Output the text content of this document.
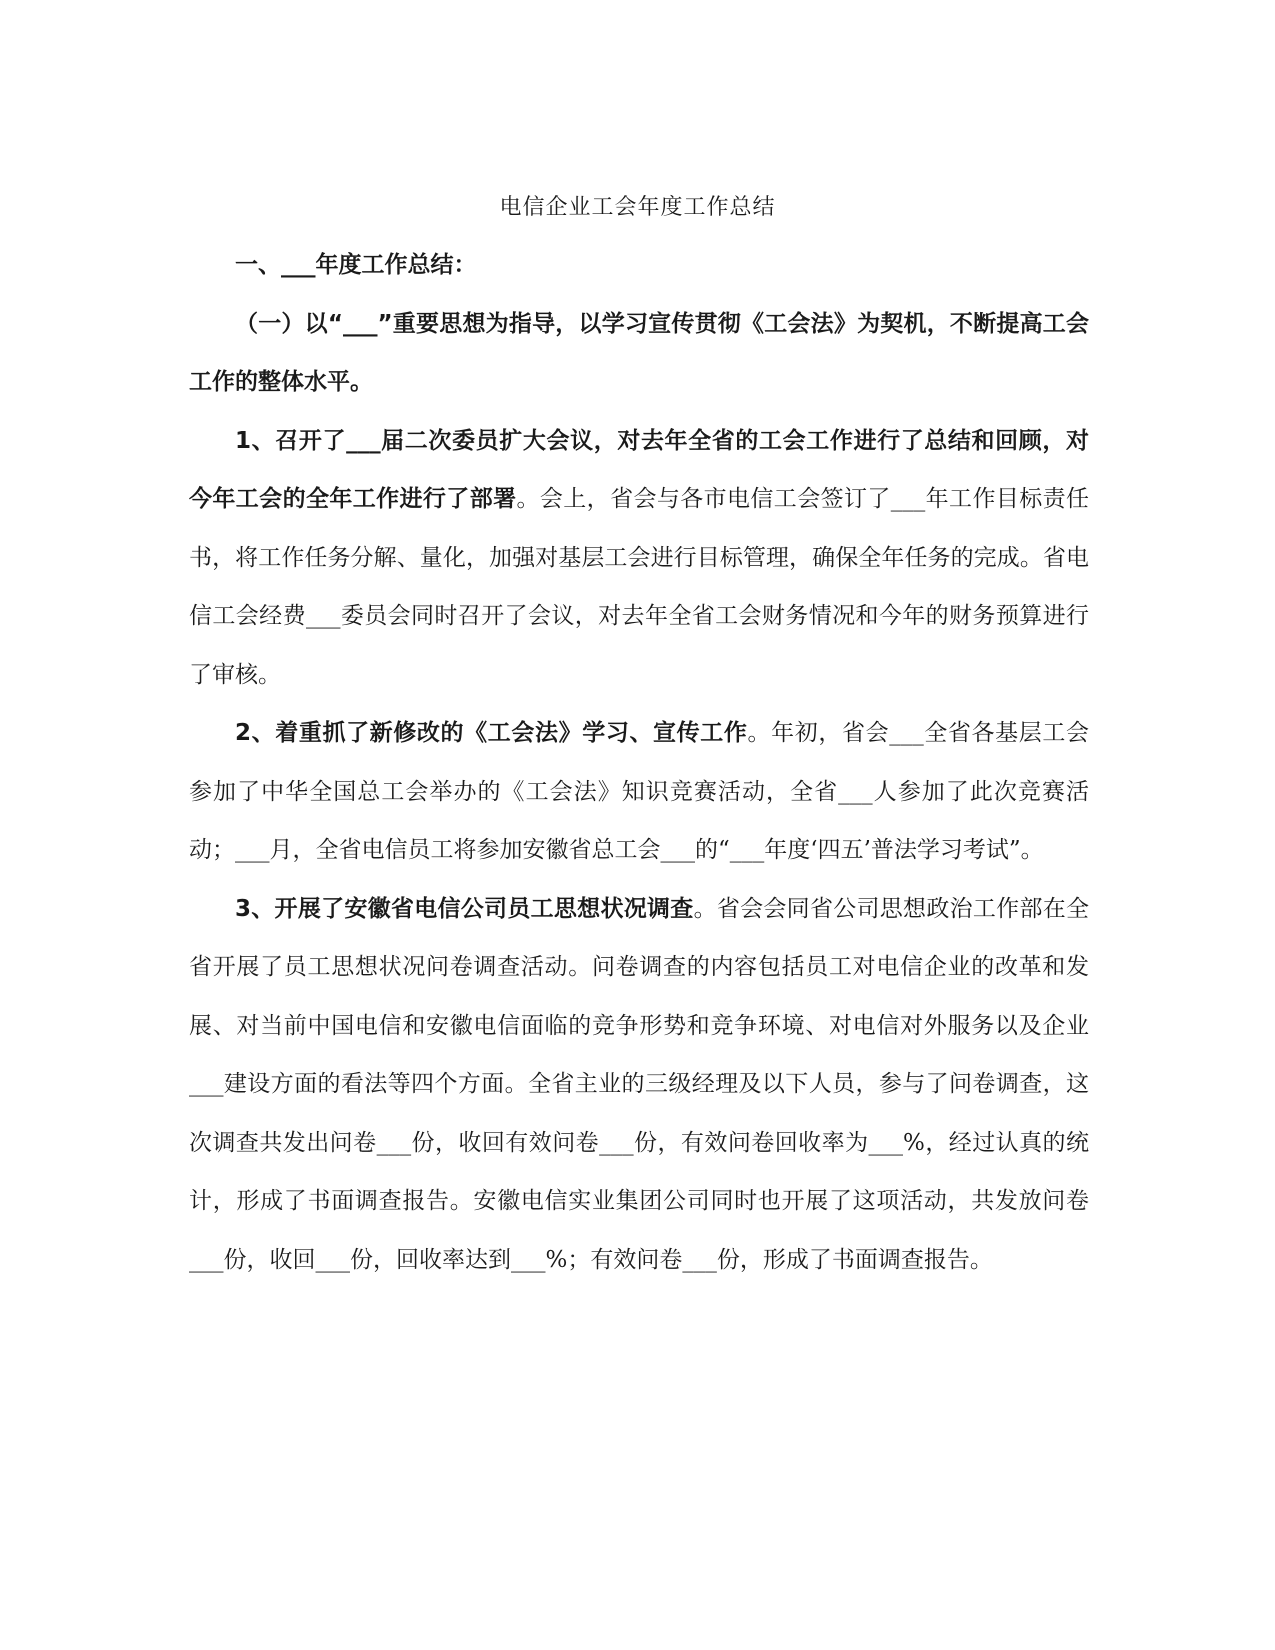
电信企业工会年度工作总结

一、___年度工作总结：

（一）以“___”重要思想为指导，以学习宣传贯彻《工会法》为契机，不断提高工会工作的整体水平。

1、召开了___届二次委员扩大会议，对去年全省的工会工作进行了总结和回顾，对今年工会的全年工作进行了部署。会上，省会与各市电信工会签订了___年工作目标责任书，将工作任务分解、量化，加强对基层工会进行目标管理，确保全年任务的完成。省电信工会经费___委员会同时召开了会议，对去年全省工会财务情况和今年的财务预算进行了审核。

2、着重抓了新修改的《工会法》学习、宣传工作。年初，省会___全省各基层工会参加了中华全国总工会举办的《工会法》知识竞赛活动，全省___人参加了此次竞赛活动；___月，全省电信员工将参加安徽省总工会___的“___年度‘四五’普法学习考试”。

3、开展了安徽省电信公司员工思想状况调查。省会会同省公司思想政治工作部在全省开展了员工思想状况问卷调查活动。问卷调查的内容包括员工对电信企业的改革和发展、对当前中国电信和安徽电信面临的竞争形势和竞争环境、对电信对外服务以及企业___建设方面的看法等四个方面。全省主业的三级经理及以下人员，参与了问卷调查，这次调查共发出问卷___份，收回有效问卷___份，有效问卷回收率为___%，经过认真的统计，形成了书面调查报告。安徽电信实业集团公司同时也开展了这项活动，共发放问卷___份，收回___份，回收率达到___%；有效问卷___份，形成了书面调查报告。
